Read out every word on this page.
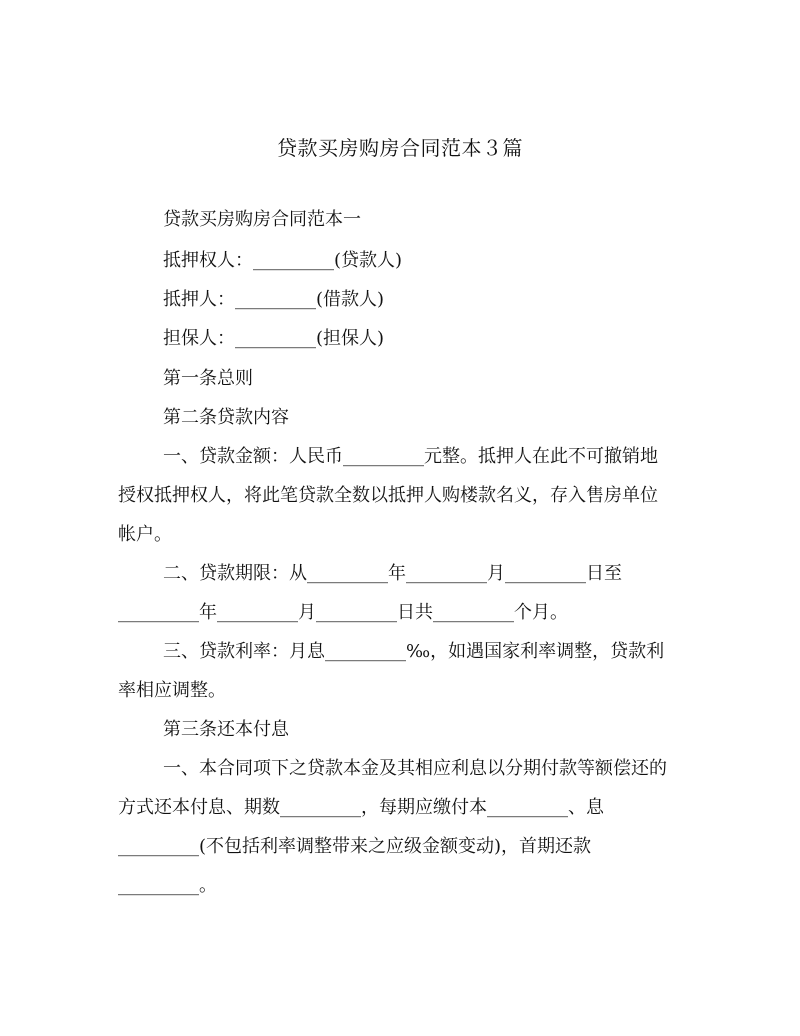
贷款买房购房合同范本３篇
贷款买房购房合同范本一
抵押权人：_________(贷款人)
抵押人：_________(借款人)
担保人：_________(担保人)
第一条总则
第二条贷款内容
一、贷款金额：人民币_________元整。抵押人在此不可撤销地
授权抵押权人，将此笔贷款全数以抵押人购楼款名义，存入售房单位
帐户。
二、贷款期限：从_________年_________月_________日至
_________年_________月_________日共_________个月。
三、贷款利率：月息_________‰，如遇国家利率调整，贷款利
率相应调整。
第三条还本付息
一、本合同项下之贷款本金及其相应利息以分期付款等额偿还的
方式还本付息、期数_________，每期应缴付本_________、息
_________(不包括利率调整带来之应级金额变动)，首期还款
_________。
